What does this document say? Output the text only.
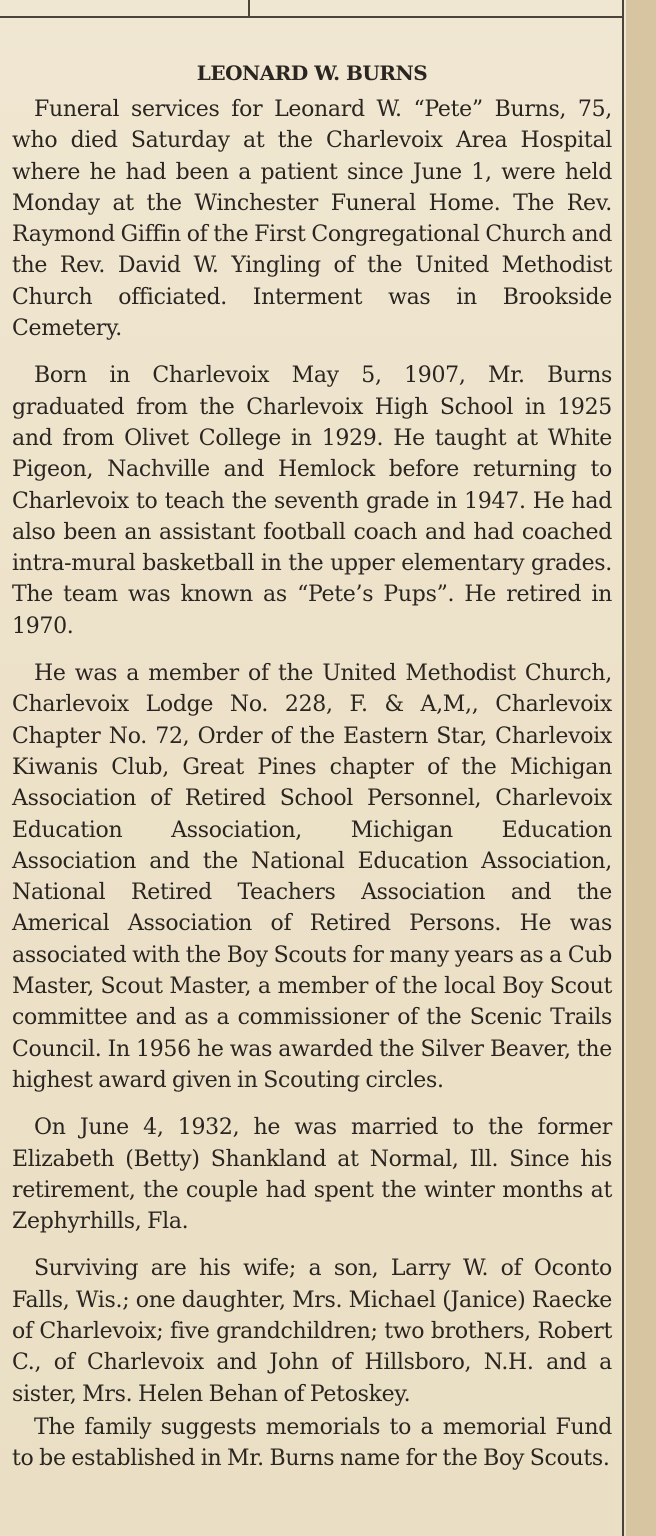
LEONARD W. BURNS

Funeral services for Leonard W. “Pete” Burns, 75, who died Saturday at the Charlevoix Area Hospital where he had been a patient since June 1, were held Monday at the Winchester Funeral Home. The Rev. Raymond Giffin of the First Congregational Church and the Rev. David W. Yingling of the United Methodist Church officiated. Interment was in Brookside Cemetery.

Born in Charlevoix May 5, 1907, Mr. Burns graduated from the Charlevoix High School in 1925 and from Olivet College in 1929. He taught at White Pigeon, Nachville and Hemlock before returning to Charlevoix to teach the seventh grade in 1947. He had also been an assistant football coach and had coached intra-mural basketball in the upper elementary grades. The team was known as “Pete’s Pups”. He retired in 1970.

He was a member of the United Methodist Church, Charlevoix Lodge No. 228, F. & A,M,, Charlevoix Chapter No. 72, Order of the Eastern Star, Charlevoix Kiwanis Club, Great Pines chapter of the Michigan Association of Retired School Personnel, Charlevoix Education Association, Michigan Education Association and the National Education Association, National Retired Teachers Association and the Americal Association of Retired Persons. He was associated with the Boy Scouts for many years as a Cub Master, Scout Master, a member of the local Boy Scout committee and as a commissioner of the Scenic Trails Council. In 1956 he was awarded the Silver Beaver, the highest award given in Scouting circles.

On June 4, 1932, he was married to the former Elizabeth (Betty) Shankland at Normal, Ill. Since his retirement, the couple had spent the winter months at Zephyrhills, Fla.

Surviving are his wife; a son, Larry W. of Oconto Falls, Wis.; one daughter, Mrs. Michael (Janice) Raecke of Charlevoix; five grandchildren; two brothers, Robert C., of Charlevoix and John of Hillsboro, N.H. and a sister, Mrs. Helen Behan of Petoskey.

The family suggests memorials to a memorial Fund to be established in Mr. Burns name for the Boy Scouts.
